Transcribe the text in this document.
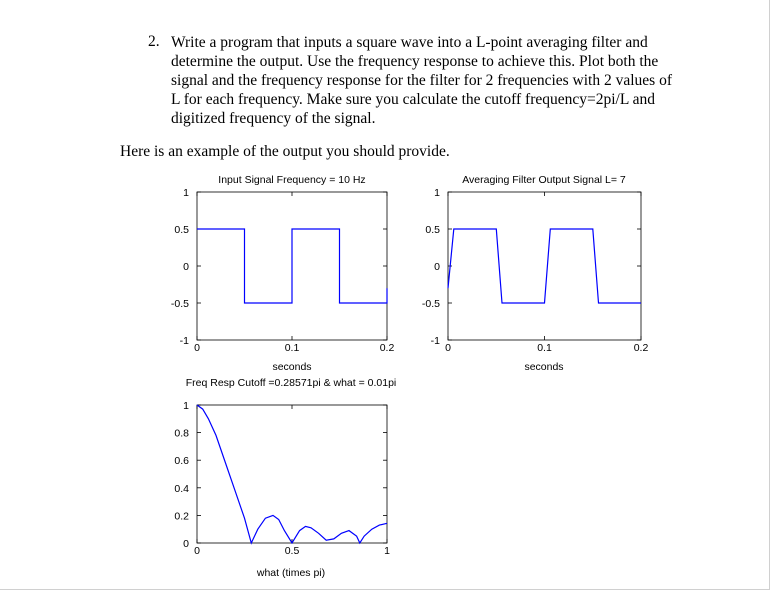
2. Write a program that inputs a square wave into a L-point averaging filter and
determine the output. Use the frequency response to achieve this. Plot both the
signal and the frequency response for the filter for 2 frequencies with 2 values of
L for each frequency. Make sure you calculate the cutoff frequency=2pi/L and
digitized frequency of the signal.
Here is an example of the output you should provide.
Input Signal Frequency = 10 Hz
seconds
1
0.5
0
-0.5
-1
0	0.1	0.2
Averaging Filter Output Signal L= 7
seconds
1
0.5
0
-0.5
-1
0	0.1	0.2
Freq Resp Cutoff =0.28571pi & what = 0.01pi
what (times pi)
1
0.8
0.6
0.4
0.2
0
0	0.5	1
